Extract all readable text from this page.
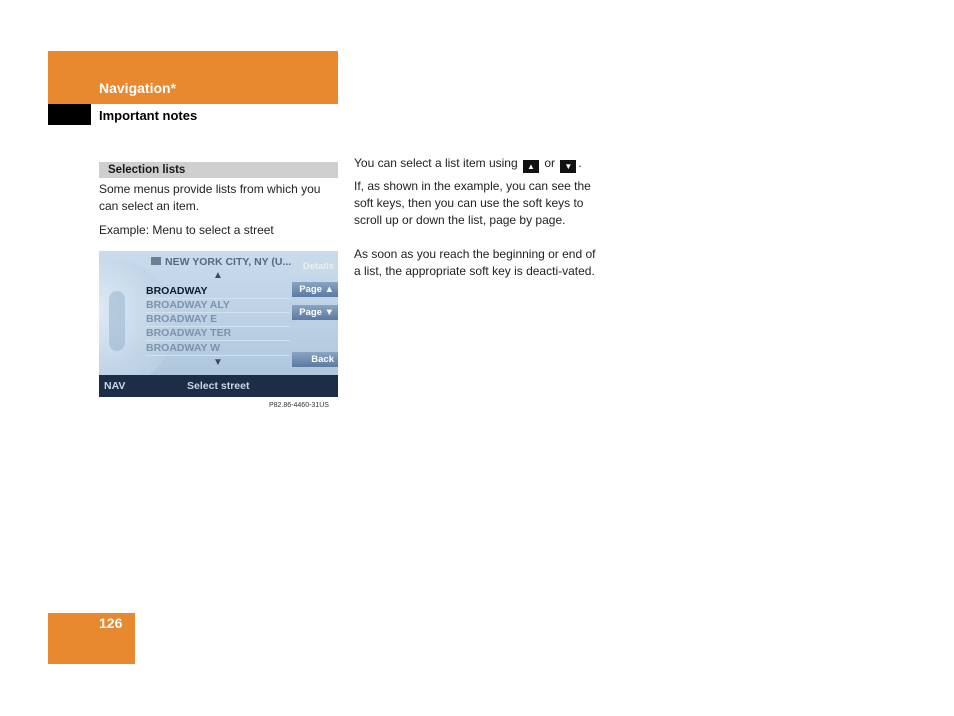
Navigation*
Important notes
Selection lists
Some menus provide lists from which you can select an item.
Example: Menu to select a street
You can select a list item using ▲ or ▼ .
If, as shown in the example, you can see the        soft keys, then you can use the soft keys to scroll up or down the list, page by page.
As soon as you reach the beginning or end of a list, the appropriate soft key is deacti-vated.
NEW YORK CITY, NY (U...
▲
BROADWAY
BROADWAY ALY
BROADWAY E
BROADWAY TER
BROADWAY W
▼
Details
Page ▲
Page ▼
Back
NAV	Select street
P82.86-4460-31US
126
